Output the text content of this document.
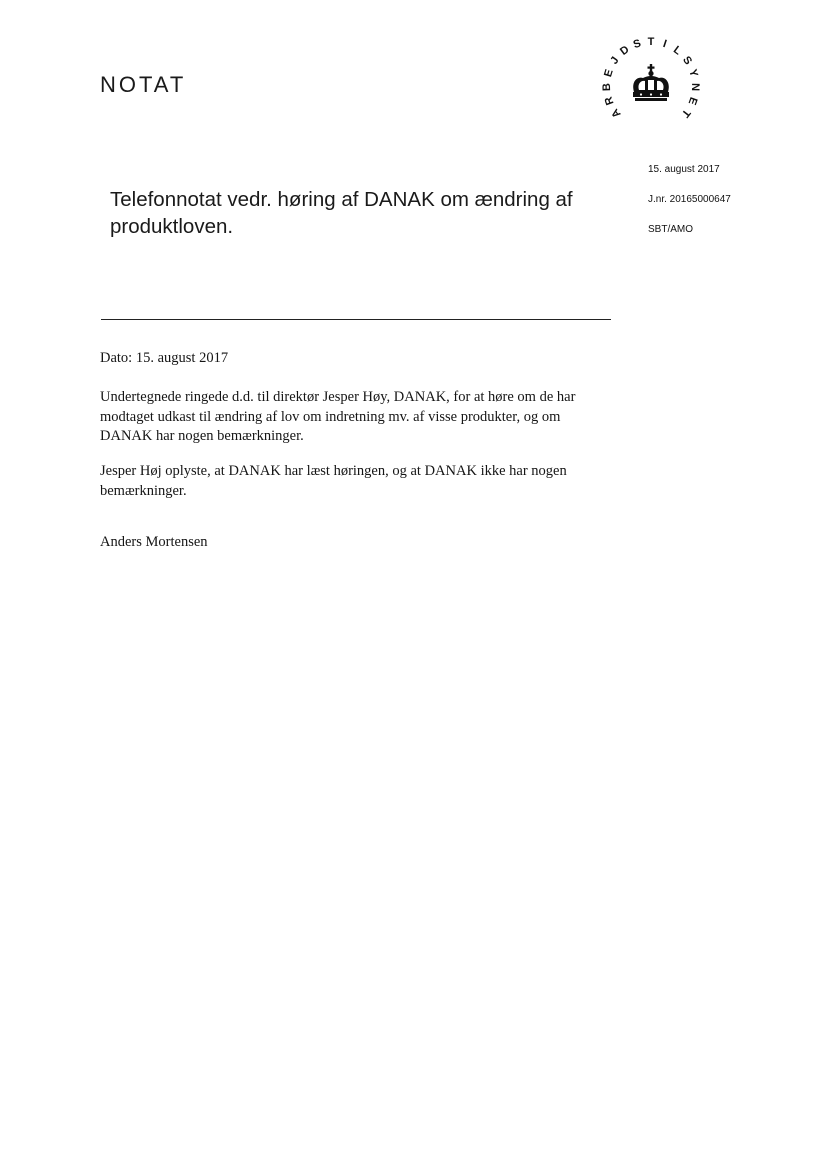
NOTAT
A
R
B
E
J
D S T I L
S
Y
N
E
T
15. august 2017
J.nr. 20165000647
SBT/AMO
Telefonnotat vedr. høring af DANAK om ændring af produktloven.
Dato: 15. august 2017
Undertegnede ringede d.d. til direktør Jesper Høy, DANAK, for at høre om de har modtaget udkast til ændring af lov om indretning mv. af visse produkter, og om DANAK har nogen bemærkninger.
Jesper Høj oplyste, at DANAK har læst høringen, og at DANAK ikke har nogen bemærkninger.
Anders Mortensen
